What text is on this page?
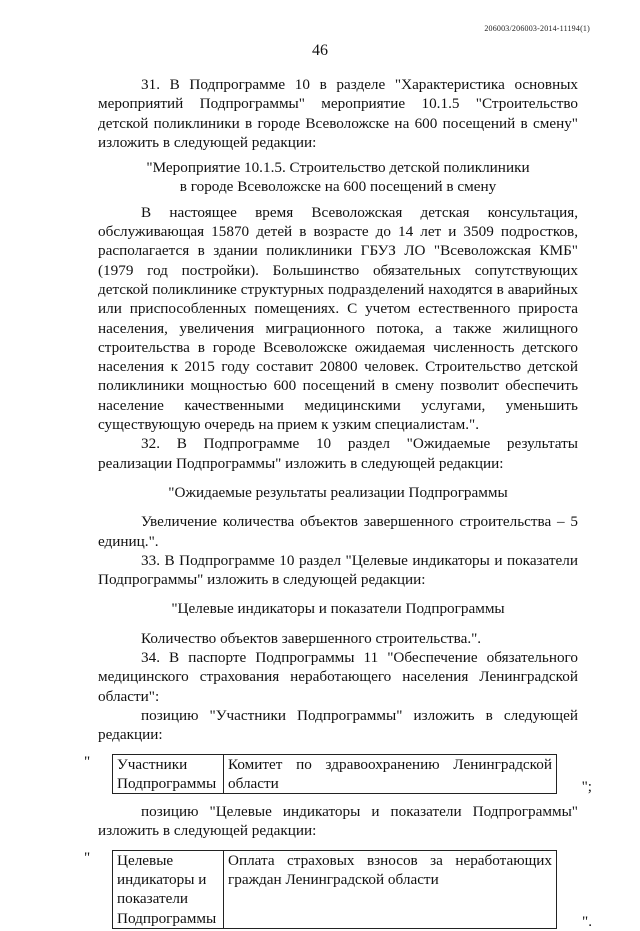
206003/206003-2014-11194(1)
46

31. В Подпрограмме 10 в разделе "Характеристика основных мероприятий Подпрограммы" мероприятие 10.1.5 "Строительство детской поликлиники в городе Всеволожске на 600 посещений в смену" изложить в следующей редакции:

"Мероприятие 10.1.5. Строительство детской поликлиники

в городе Всеволожске на 600 посещений в смену

В настоящее время Всеволожская детская консультация, обслуживающая 15870 детей в возрасте до 14 лет и 3509 подростков, располагается в здании поликлиники ГБУЗ ЛО "Всеволожская КМБ" (1979 год постройки). Большинство обязательных сопутствующих детской поликлинике структурных подразделений находятся в аварийных или приспособленных помещениях. С учетом естественного прироста населения, увеличения миграционного потока, а также жилищного строительства в городе Всеволожске ожидаемая численность детского населения к 2015 году составит 20800 человек. Строительство детской поликлиники мощностью 600 посещений в смену позволит обеспечить население качественными медицинскими услугами, уменьшить существующую очередь на прием к узким специалистам.".

32. В Подпрограмме 10 раздел "Ожидаемые результаты реализации Подпрограммы" изложить в следующей редакции:

"Ожидаемые результаты реализации Подпрограммы

Увеличение количества объектов завершенного строительства – 5 единиц.".

33. В Подпрограмме 10 раздел "Целевые индикаторы и показатели Подпрограммы" изложить в следующей редакции:

"Целевые индикаторы и показатели Подпрограммы

Количество объектов завершенного строительства.".

34. В паспорте Подпрограммы 11 "Обеспечение обязательного медицинского страхования неработающего населения Ленинградской области":

позицию "Участники Подпрограммы" изложить в следующей редакции:

" Участники Подпрограммы	Комитет по здравоохранению Ленинградской области	";

позицию "Целевые индикаторы и показатели Подпрограммы" изложить в следующей редакции:

" Целевые индикаторы и показатели Подпрограммы	Оплата страховых взносов за неработающих граждан Ленинградской области
".
